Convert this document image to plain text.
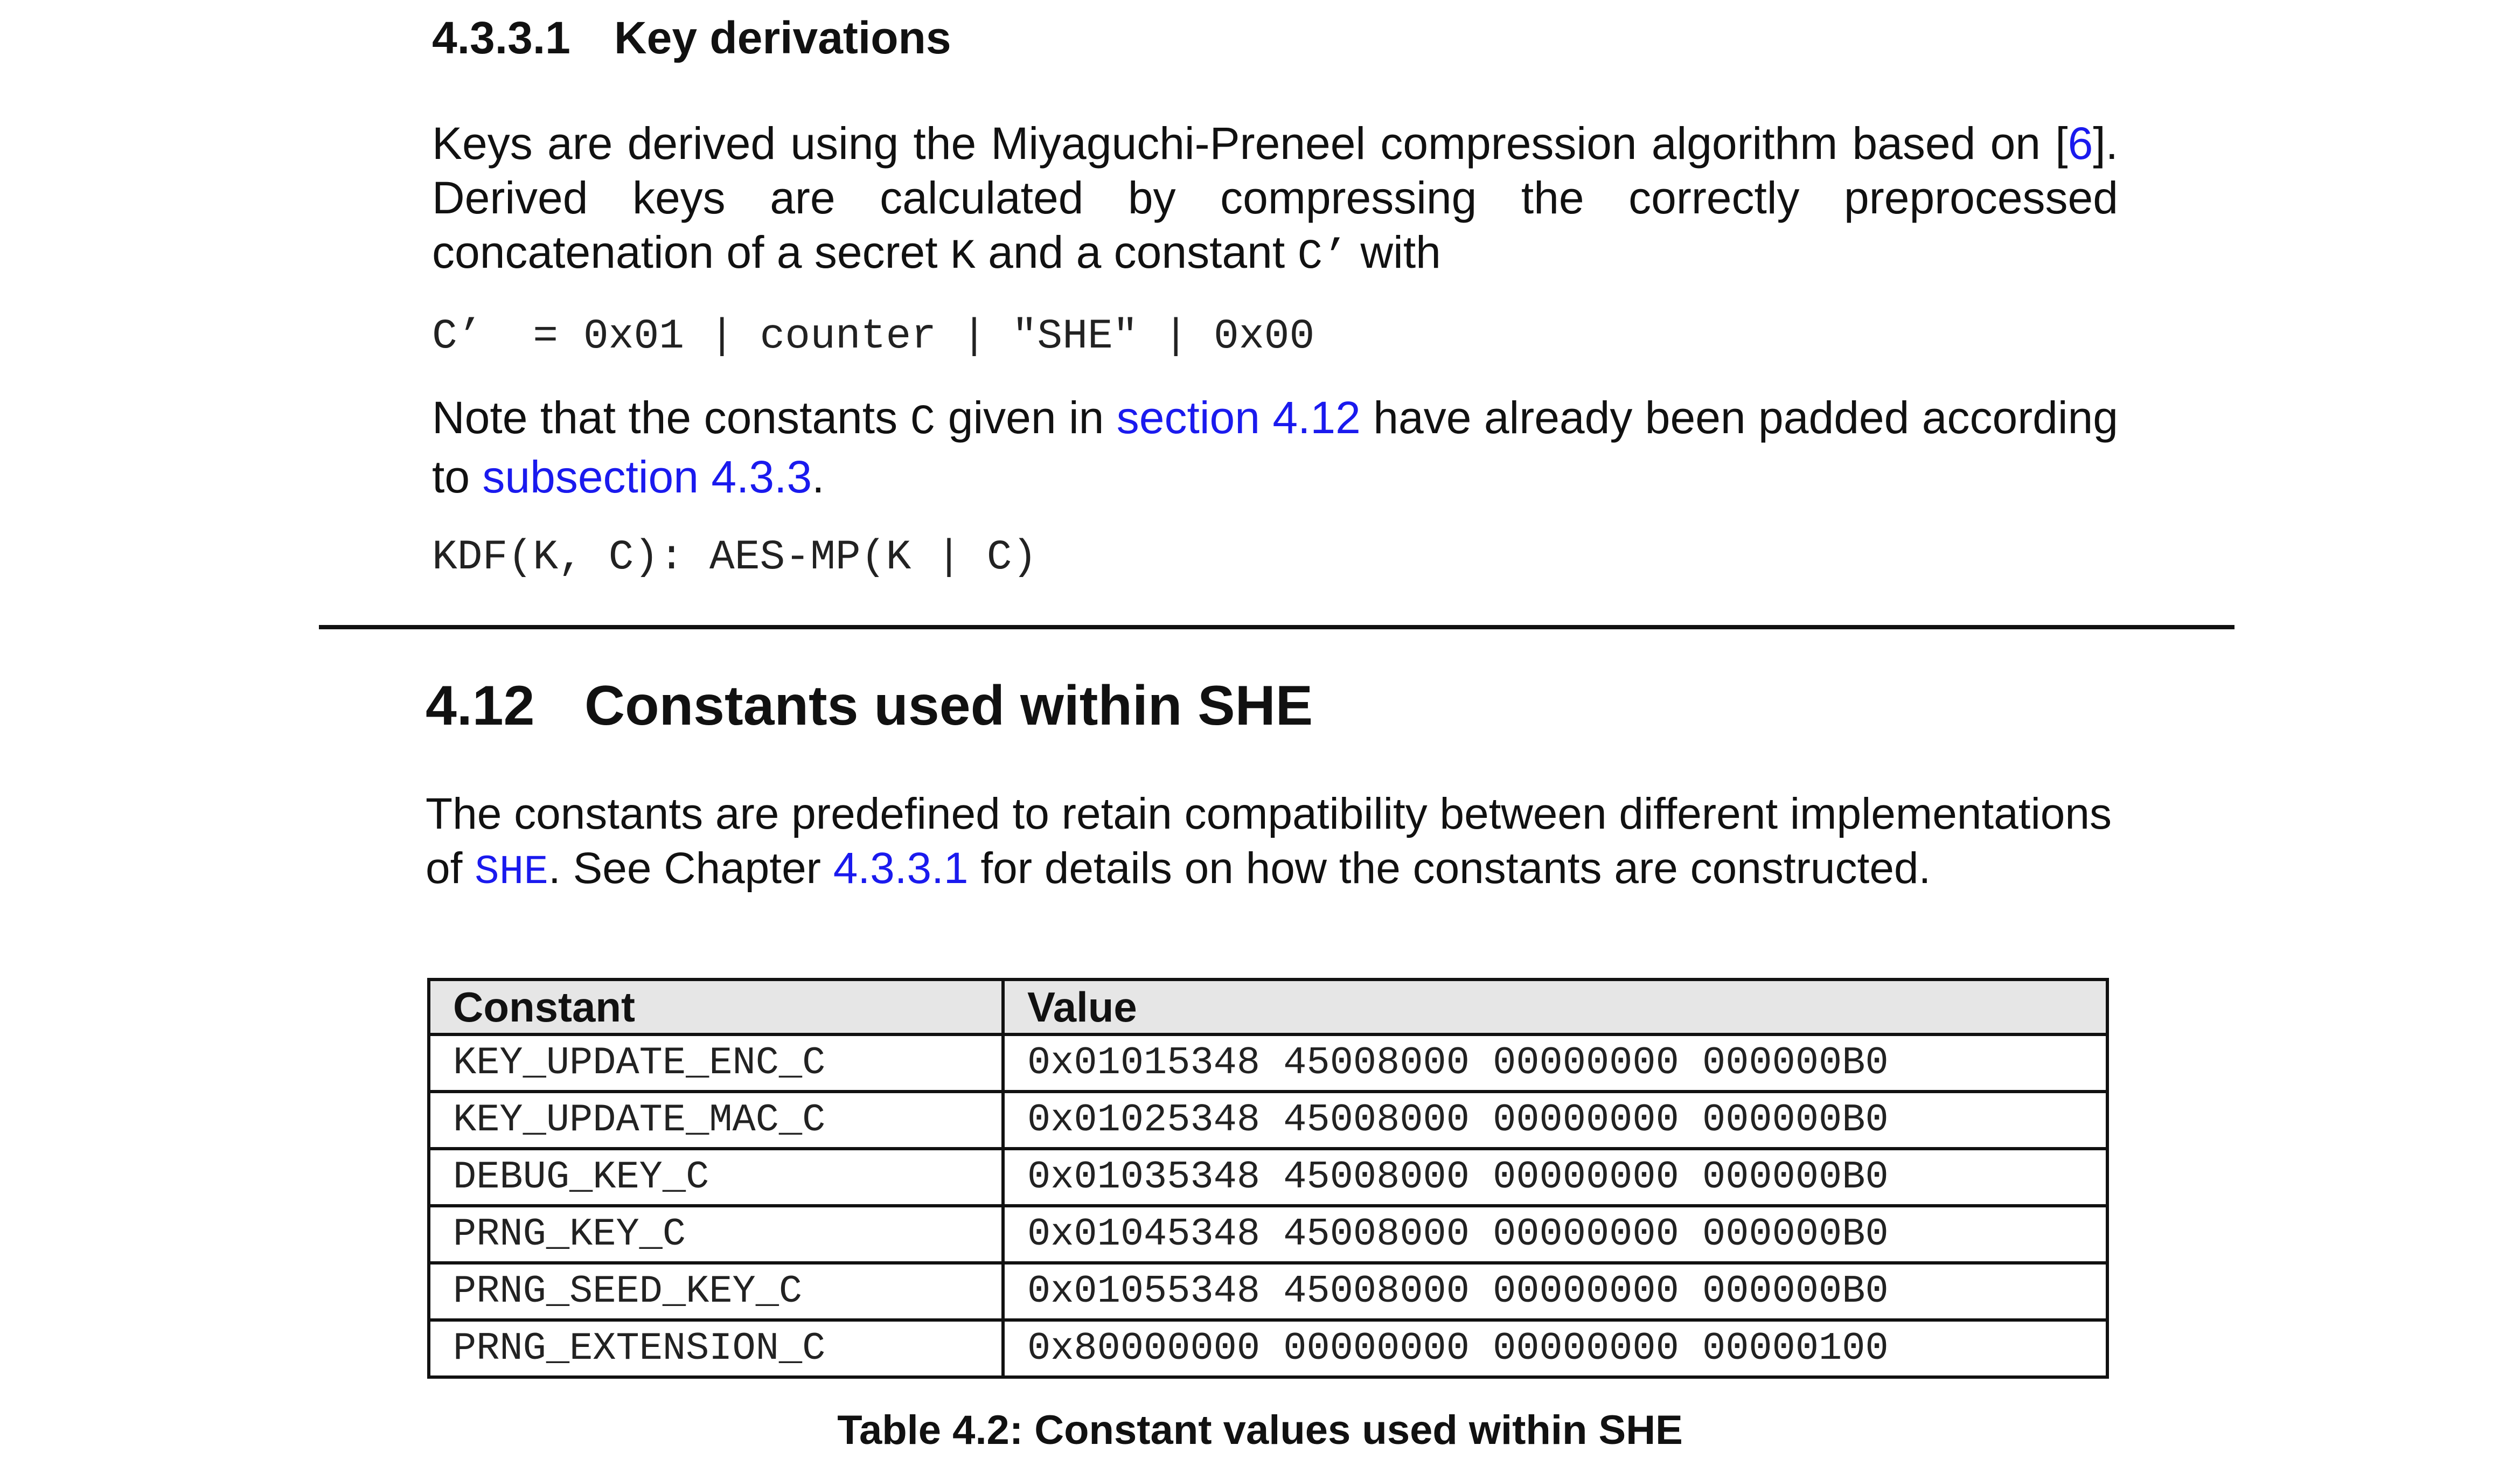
4.3.3.1 Key derivations

Keys are derived using the Miyaguchi-Preneel compression algorithm based on [6]. Derived keys are calculated by compressing the correctly preprocessed concatenation of a secret K and a constant C’ with

C’  = 0x01 | counter | "SHE" | 0x00

Note that the constants C given in section 4.12 have already been padded according to subsection 4.3.3.

KDF(K, C): AES-MP(K | C)
4.12 Constants used within SHE

The constants are predefined to retain compatibility between different implementations of SHE. See Chapter 4.3.3.1 for details on how the constants are constructed.

Constant	Value
KEY_UPDATE_ENC_C	0x01015348 45008000 00000000 000000B0
KEY_UPDATE_MAC_C	0x01025348 45008000 00000000 000000B0
DEBUG_KEY_C	0x01035348 45008000 00000000 000000B0
PRNG_KEY_C	0x01045348 45008000 00000000 000000B0
PRNG_SEED_KEY_C	0x01055348 45008000 00000000 000000B0
PRNG_EXTENSION_C	0x80000000 00000000 00000000 00000100
Table 4.2: Constant values used within SHE
